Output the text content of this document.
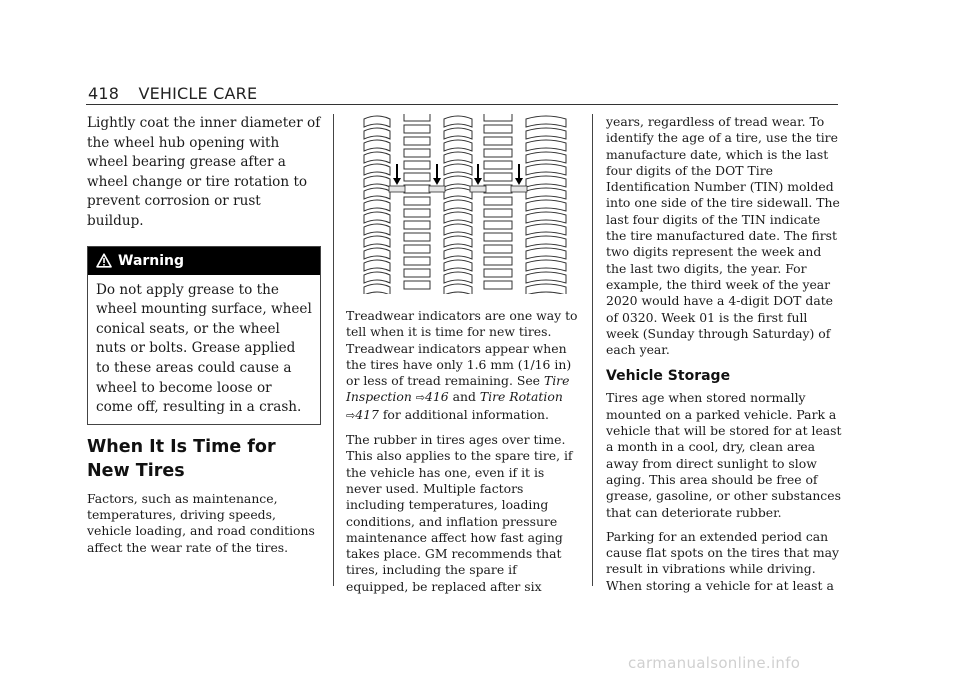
418 VEHICLE CARE

Lightly coat the inner diameter of the wheel hub opening with wheel bearing grease after a wheel change or tire rotation to prevent corrosion or rust buildup.

Warning
Do not apply grease to the wheel mounting surface, wheel conical seats, or the wheel nuts or bolts. Grease applied to these areas could cause a wheel to become loose or come off, resulting in a crash.
When It Is Time for New Tires

Factors, such as maintenance, temperatures, driving speeds, vehicle loading, and road conditions affect the wear rate of the tires.

Treadwear indicators are one way to tell when it is time for new tires. Treadwear indicators appear when the tires have only 1.6 mm (1/16 in) or less of tread remaining. See Tire Inspection ⇨416 and Tire Rotation ⇨417 for additional information.

The rubber in tires ages over time. This also applies to the spare tire, if the vehicle has one, even if it is never used. Multiple factors including temperatures, loading conditions, and inflation pressure maintenance affect how fast aging takes place. GM recommends that tires, including the spare if equipped, be replaced after six

years, regardless of tread wear. To identify the age of a tire, use the tire manufacture date, which is the last four digits of the DOT Tire Identification Number (TIN) molded into one side of the tire sidewall. The last four digits of the TIN indicate the tire manufactured date. The first two digits represent the week and the last two digits, the year. For example, the third week of the year 2020 would have a 4-digit DOT date of 0320. Week 01 is the first full week (Sunday through Saturday) of each year.

Vehicle Storage

Tires age when stored normally mounted on a parked vehicle. Park a vehicle that will be stored for at least a month in a cool, dry, clean area away from direct sunlight to slow aging. This area should be free of grease, gasoline, or other substances that can deteriorate rubber.

Parking for an extended period can cause flat spots on the tires that may result in vibrations while driving. When storing a vehicle for at least a

carmanualsonline.info
